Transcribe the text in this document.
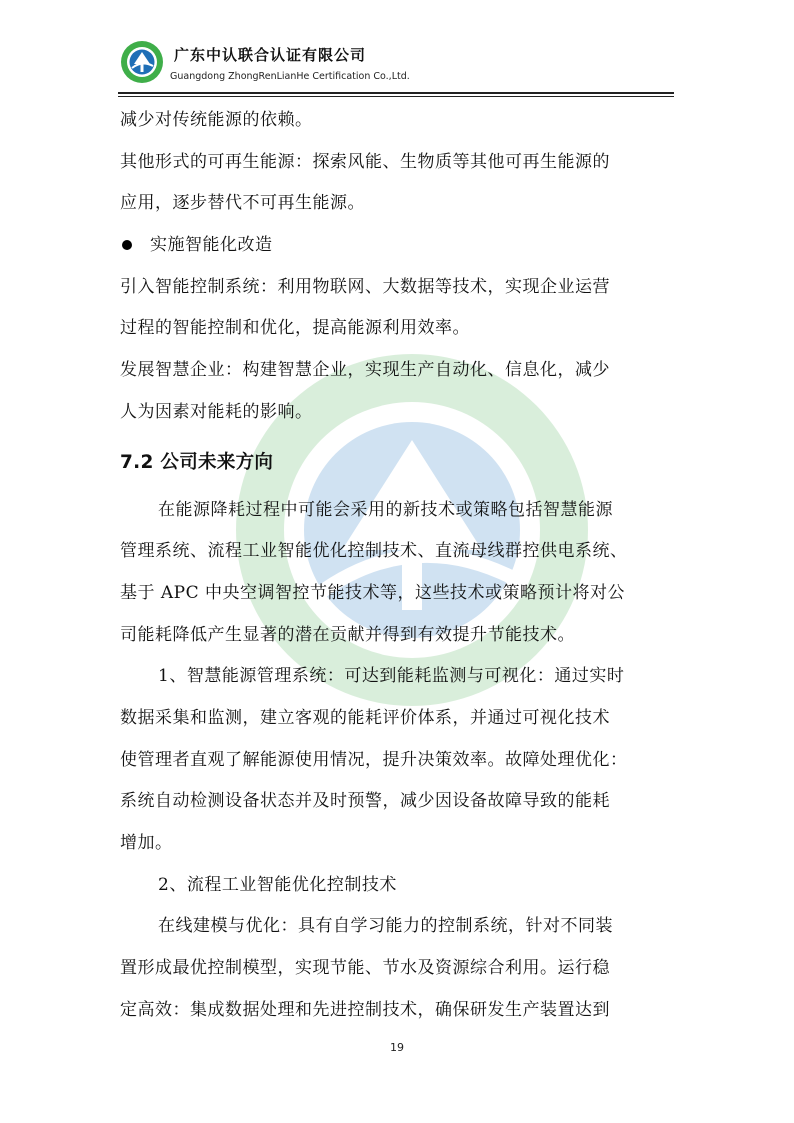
广东中认联合认证有限公司
Guangdong ZhongRenLianHe Certification Co.,Ltd.
减少对传统能源的依赖。
其他形式的可再生能源：探索风能、生物质等其他可再生能源的
应用，逐步替代不可再生能源。
实施智能化改造
引入智能控制系统：利用物联网、大数据等技术，实现企业运营
过程的智能控制和优化，提高能源利用效率。
发展智慧企业：构建智慧企业，实现生产自动化、信息化，减少
人为因素对能耗的影响。
7.2 公司未来方向
在能源降耗过程中可能会采用的新技术或策略包括智慧能源
管理系统、流程工业智能优化控制技术、直流母线群控供电系统、
基于 APC 中央空调智控节能技术等，这些技术或策略预计将对公
司能耗降低产生显著的潜在贡献并得到有效提升节能技术。
1、智慧能源管理系统：可达到能耗监测与可视化：通过实时
数据采集和监测，建立客观的能耗评价体系，并通过可视化技术
使管理者直观了解能源使用情况，提升决策效率。故障处理优化：
系统自动检测设备状态并及时预警，减少因设备故障导致的能耗
增加。
2、流程工业智能优化控制技术
在线建模与优化：具有自学习能力的控制系统，针对不同装
置形成最优控制模型，实现节能、节水及资源综合利用。运行稳
定高效：集成数据处理和先进控制技术，确保研发生产装置达到
19
